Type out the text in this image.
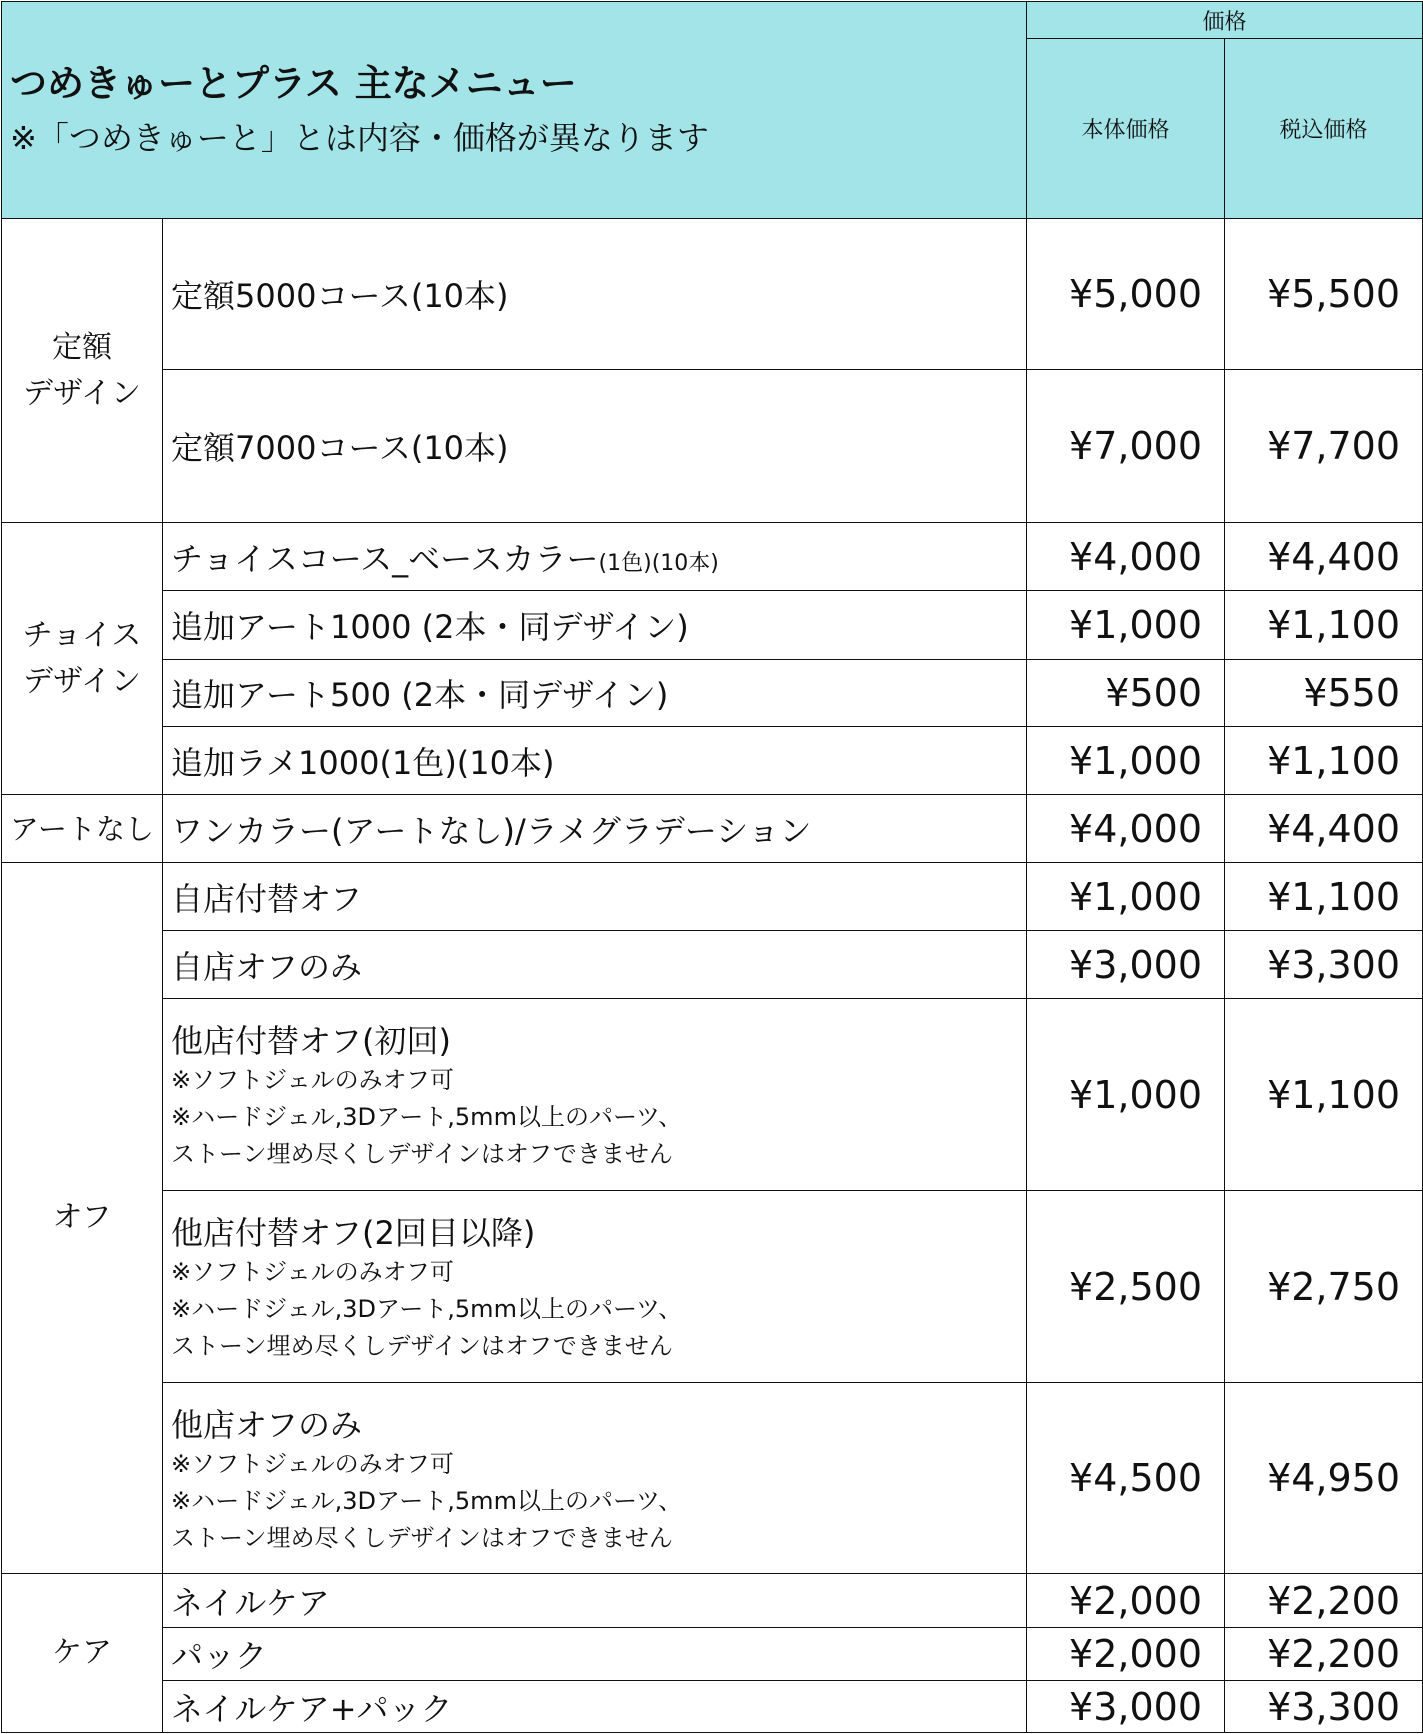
つめきゅーとプラス 主なメニュー
※「つめきゅーと」とは内容・価格が異なります		価格	
		本体価格	税込価格
定額
デザイン	定額5000コース(10本)	¥5,000	¥5,500
	定額7000コース(10本)	¥7,000	¥7,700
チョイス
デザイン	チョイスコース_ベースカラー(1色)(10本)	¥4,000	¥4,400
	追加アート1000 (2本・同デザイン)	¥1,000	¥1,100
	追加アート500 (2本・同デザイン)	¥500	¥550
	追加ラメ1000(1色)(10本)	¥1,000	¥1,100
アートなし	ワンカラー(アートなし)/ラメグラデーション	¥4,000	¥4,400
オフ	自店付替オフ	¥1,000	¥1,100
	自店オフのみ	¥3,000	¥3,300
	他店付替オフ(初回)
※ソフトジェルのみオフ可
※ハードジェル,3Dアート,5mm以上のパーツ、
ストーン埋め尽くしデザインはオフできません	¥1,000	¥1,100
	他店付替オフ(2回目以降)
※ソフトジェルのみオフ可
※ハードジェル,3Dアート,5mm以上のパーツ、
ストーン埋め尽くしデザインはオフできません	¥2,500	¥2,750
	他店オフのみ
※ソフトジェルのみオフ可
※ハードジェル,3Dアート,5mm以上のパーツ、
ストーン埋め尽くしデザインはオフできません	¥4,500	¥4,950
ケア	ネイルケア	¥2,000	¥2,200
	パック	¥2,000	¥2,200
	ネイルケア+パック	¥3,000	¥3,300
